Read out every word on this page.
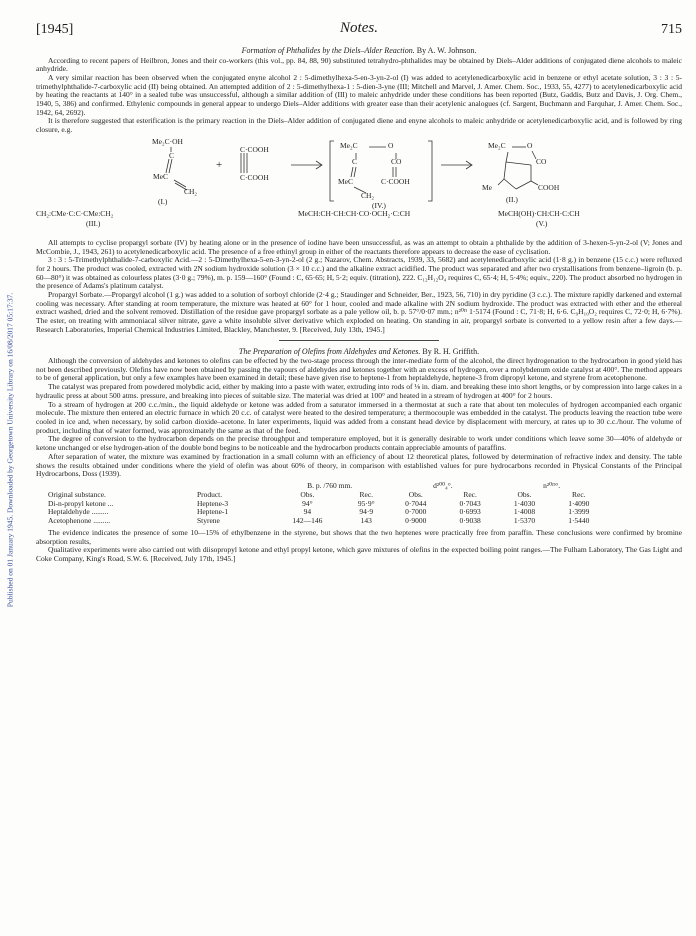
Published on 01 January 1945. Downloaded by Georgetown University Library on 16/08/2017 05:17:37.
[1945]	Notes.	715
Formation of Phthalides by the Diels–Alder Reaction. By A. W. Johnson.

According to recent papers of Heilbron, Jones and their co-workers (this vol., pp. 84, 88, 90) substituted tetrahydro-phthalides may be obtained by Diels–Alder additions of conjugated diene alcohols to maleic anhydride.

A very similar reaction has been observed when the conjugated enyne alcohol 2 : 5-dimethylhexa-5-en-3-yn-2-ol (I) was added to acetylenedicarboxylic acid in benzene or ethyl acetate solution, 3 : 3 : 5-trimethylphthalide-7-carboxylic acid (II) being obtained. An attempted addition of 2 : 5-dimethylhexa-1 : 5-dien-3-yne (III; Mitchell and Marvel, J. Amer. Chem. Soc., 1933, 55, 4277) to acetylenedicarboxylic acid by heating the reactants at 140° in a sealed tube was unsuccessful, although a similar addition of (III) to maleic anhydride under these conditions has been reported (Butz, Gaddis, Butz and Davis, J. Org. Chem., 1940, 5, 386) and confirmed. Ethylenic compounds in general appear to undergo Diels–Alder additions with greater ease than their acetylenic analogues (cf. Sargent, Buchmann and Farquhar, J. Amer. Chem. Soc., 1942, 64, 2692).

It is therefore suggested that esterification is the primary reaction in the Diels–Alder addition of conjugated diene and enyne alcohols to maleic anhydride or acetylenedicarboxylic acid, and is followed by ring closure, e.g.

Me₂C·OH
C
MeC
CH₂
(I.)
+
C·COOH
C·COOH
Me₂C	O
C	CO
MeC	C·COOH
CH₂
(IV.)
Me₂C	O
CO
Me	COOH
(II.)
CH₂:CMe·C:C·CMe:CH₂
(III.)
MeCH:CH·CH:CH·CO·OCH₂·C:CH	MeCH(OH)·CH:CH·C:CH
(V.)

All attempts to cyclise propargyl sorbate (IV) by heating alone or in the presence of iodine have been unsuccessful, as was an attempt to obtain a phthalide by the addition of 3-hexen-5-yn-2-ol (V; Jones and McCombie, J., 1943, 261) to acetylenedicarboxylic acid. The presence of a free ethinyl group in either of the reactants therefore appears to decrease the ease of cyclisation.

3 : 3 : 5-Trimethylphthalide-7-carboxylic Acid.—2 : 5-Dimethylhexa-5-en-3-yn-2-ol (2 g.; Nazarov, Chem. Abstracts, 1939, 33, 5682) and acetylenedicarboxylic acid (1·8 g.) in benzene (15 c.c.) were refluxed for 2 hours. The product was cooled, extracted with 2N sodium hydroxide solution (3 × 10 c.c.) and the alkaline extract acidified. The product was separated and after two crystallisations from benzene–ligroin (b. p. 60—80°) it was obtained as colourless plates (3·0 g.; 79%), m. p. 159—160° (Found : C, 65·65; H, 5·2; equiv. (titration), 222. C₁₂H₁₂O₄ requires C, 65·4; H, 5·4%; equiv., 220). The product absorbed no hydrogen in the presence of Adams's platinum catalyst.

Propargyl Sorbate.—Propargyl alcohol (1 g.) was added to a solution of sorboyl chloride (2·4 g.; Staudinger and Schneider, Ber., 1923, 56, 710) in dry pyridine (3 c.c.). The mixture rapidly darkened and external cooling was necessary. After standing at room temperature, the mixture was heated at 60° for 1 hour, cooled and made alkaline with 2N sodium hydroxide. The product was extracted with ether and the ethereal extract washed, dried and the solvent removed. Distillation of the residue gave propargyl sorbate as a pale yellow oil, b. p. 57°/0·07 mm.; n²⁰ᴰ 1·5174 (Found : C, 71·8; H, 6·6. C₉H₁₀O₂ requires C, 72·0; H, 6·7%). The ester, on treating with ammoniacal silver nitrate, gave a white insoluble silver derivative which exploded on heating. On standing in air, propargyl sorbate is converted to a yellow resin after a few days.—Research Laboratories, Imperial Chemical Industries Limited, Blackley, Manchester, 9. [Received, July 13th, 1945.]

The Preparation of Olefins from Aldehydes and Ketones. By R. H. Griffith.

Although the conversion of aldehydes and ketones to olefins can be effected by the two-stage process through the inter-mediate form of the alcohol, the direct hydrogenation to the hydrocarbon in good yield has not been described previously. Olefins have now been obtained by passing the vapours of aldehydes and ketones together with an excess of hydrogen, over a molybdenum oxide catalyst at 400°. The method appears to be of general application, but only a few examples have been examined in detail; these have given rise to heptene-1 from heptaldehyde, heptene-3 from dipropyl ketone, and styrene from acetophenone.

The catalyst was prepared from powdered molybdic acid, either by making into a paste with water, extruding into rods of ⅛ in. diam. and breaking these into short lengths, or by compression into large cakes in a hydraulic press at about 500 atms. pressure, and breaking into pieces of suitable size. The material was dried at 100° and heated in a stream of hydrogen at 400° for 2 hours.

To a stream of hydrogen at 200 c.c./min., the liquid aldehyde or ketone was added from a saturator immersed in a thermostat at such a rate that about ten molecules of hydrogen accompanied each organic molecule. The mixture then entered an electric furnace in which 20 c.c. of catalyst were heated to the desired temperature; a thermocouple was embedded in the catalyst. The products leaving the reaction tube were cooled in ice and, when necessary, by solid carbon dioxide–acetone. In later experiments, liquid was added from a constant head device by displacement with mercury, at rates up to 30 c.c./hour. The volume of product, including that of water formed, was approximately the same as that of the feed.

The degree of conversion to the hydrocarbon depends on the precise throughput and temperature employed, but it is generally desirable to work under conditions which leave some 30—40% of aldehyde or ketone unchanged or else hydrogen-ation of the double bond begins to be noticeable and the hydrocarbon products contain appreciable amounts of paraffins.

After separation of water, the mixture was examined by fractionation in a small column with an efficiency of about 12 theoretical plates, followed by determination of refractive index and density. The table shows the results obtained under conditions where the yield of olefin was about 60% of theory, in comparison with established values for pure hydrocarbons recorded in Physical Constants of the Principal Hydrocarbons, Doss (1939).

		B. p. /760 mm.		d²⁰⁰₄°.		n²⁰ᴰ°.	
Original substance.	Product.	Obs.	Rec.	Obs.	Rec.	Obs.	Rec.
Di-n-propyl ketone ...	Heptene-3	94°	95·9°	0·7044	0·7043	1·4030	1·4090
Heptaldehyde .........	Heptene-1	94	94·9	0·7000	0·6993	1·4008	1·3999
Acetophenone .........	Styrene	142—146	143	0·9000	0·9038	1·5370	1·5440

The evidence indicates the presence of some 10—15% of ethylbenzene in the styrene, but shows that the two heptenes were practically free from paraffin. These conclusions were confirmed by bromine absorption results,

Qualitative experiments were also carried out with diisopropyl ketone and ethyl propyl ketone, which gave mixtures of olefins in the expected boiling point ranges.—The Fulham Laboratory, The Gas Light and Coke Company, King's Road, S.W. 6. [Received, July 17th, 1945.]
